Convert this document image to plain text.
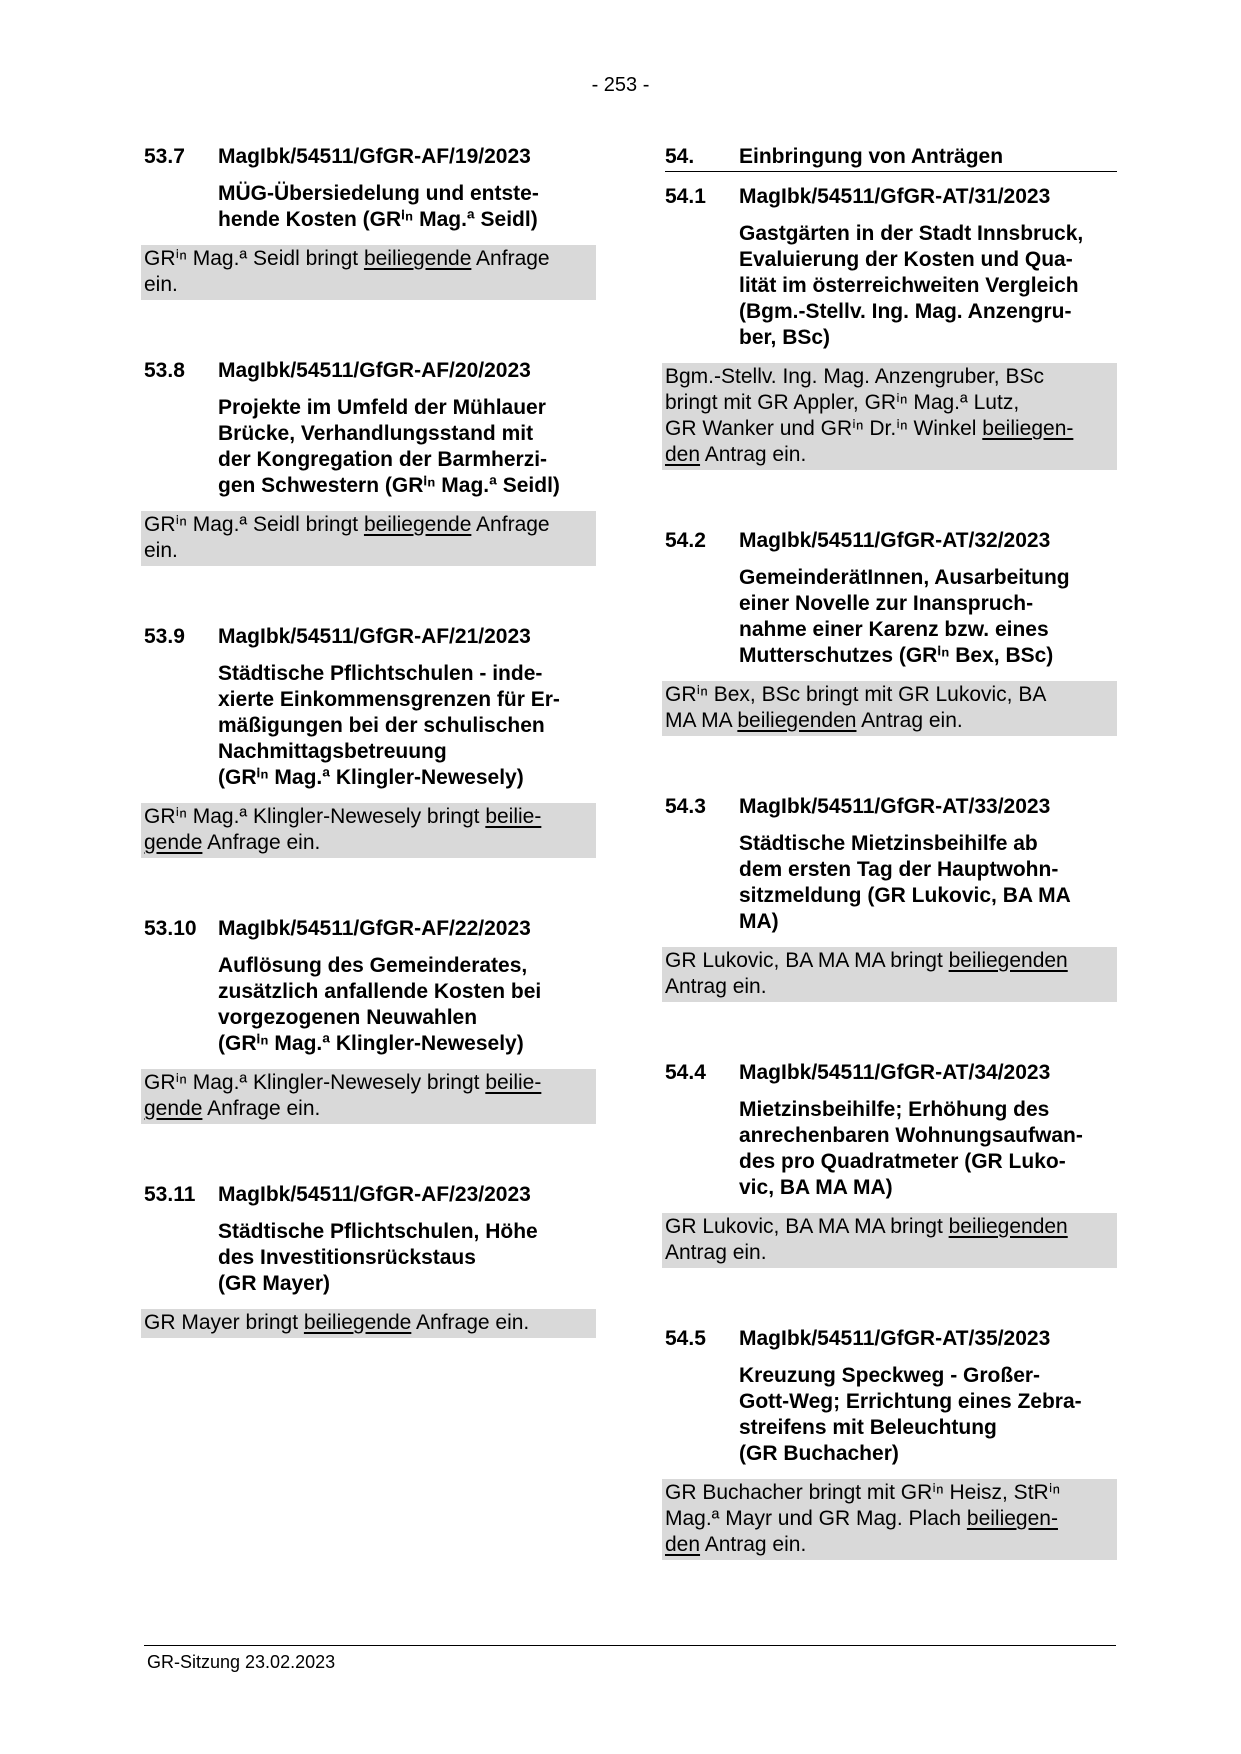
- 253 -
53.7	MagIbk/54511/GfGR-AF/19/2023
MÜG-Übersiedelung und entste-
hende Kosten (GRⁱⁿ Mag.ª Seidl)
GRⁱⁿ Mag.ª Seidl bringt beiliegende Anfrage
ein.
53.8	MagIbk/54511/GfGR-AF/20/2023
Projekte im Umfeld der Mühlauer
Brücke, Verhandlungsstand mit
der Kongregation der Barmherzi-
gen Schwestern (GRⁱⁿ Mag.ª Seidl)
GRⁱⁿ Mag.ª Seidl bringt beiliegende Anfrage
ein.
53.9	MagIbk/54511/GfGR-AF/21/2023
Städtische Pflichtschulen - inde-
xierte Einkommensgrenzen für Er-
mäßigungen bei der schulischen
Nachmittagsbetreuung
(GRⁱⁿ Mag.ª Klingler-Newesely)
GRⁱⁿ Mag.ª Klingler-Newesely bringt beilie-
gende Anfrage ein.
53.10	MagIbk/54511/GfGR-AF/22/2023
Auflösung des Gemeinderates,
zusätzlich anfallende Kosten bei
vorgezogenen Neuwahlen
(GRⁱⁿ Mag.ª Klingler-Newesely)
GRⁱⁿ Mag.ª Klingler-Newesely bringt beilie-
gende Anfrage ein.
53.11	MagIbk/54511/GfGR-AF/23/2023
Städtische Pflichtschulen, Höhe
des Investitionsrückstaus
(GR Mayer)
GR Mayer bringt beiliegende Anfrage ein.
54.	Einbringung von Anträgen
54.1	MagIbk/54511/GfGR-AT/31/2023
Gastgärten in der Stadt Innsbruck,
Evaluierung der Kosten und Qua-
lität im österreichweiten Vergleich
(Bgm.-Stellv. Ing. Mag. Anzengru-
ber, BSc)
Bgm.-Stellv. Ing. Mag. Anzengruber, BSc
bringt mit GR Appler, GRⁱⁿ Mag.ª Lutz,
GR Wanker und GRⁱⁿ Dr.ⁱⁿ Winkel beiliegen-
den Antrag ein.
54.2	MagIbk/54511/GfGR-AT/32/2023
GemeinderätInnen, Ausarbeitung
einer Novelle zur Inanspruch-
nahme einer Karenz bzw. eines
Mutterschutzes (GRⁱⁿ Bex, BSc)
GRⁱⁿ Bex, BSc bringt mit GR Lukovic, BA
MA MA beiliegenden Antrag ein.
54.3	MagIbk/54511/GfGR-AT/33/2023
Städtische Mietzinsbeihilfe ab
dem ersten Tag der Hauptwohn-
sitzmeldung (GR Lukovic, BA MA
MA)
GR Lukovic, BA MA MA bringt beiliegenden
Antrag ein.
54.4	MagIbk/54511/GfGR-AT/34/2023
Mietzinsbeihilfe; Erhöhung des
anrechenbaren Wohnungsaufwan-
des pro Quadratmeter (GR Luko-
vic, BA MA MA)
GR Lukovic, BA MA MA bringt beiliegenden
Antrag ein.
54.5	MagIbk/54511/GfGR-AT/35/2023
Kreuzung Speckweg - Großer-
Gott-Weg; Errichtung eines Zebra-
streifens mit Beleuchtung
(GR Buchacher)
GR Buchacher bringt mit GRⁱⁿ Heisz, StRⁱⁿ
Mag.ª Mayr und GR Mag. Plach beiliegen-
den Antrag ein.
GR-Sitzung 23.02.2023
